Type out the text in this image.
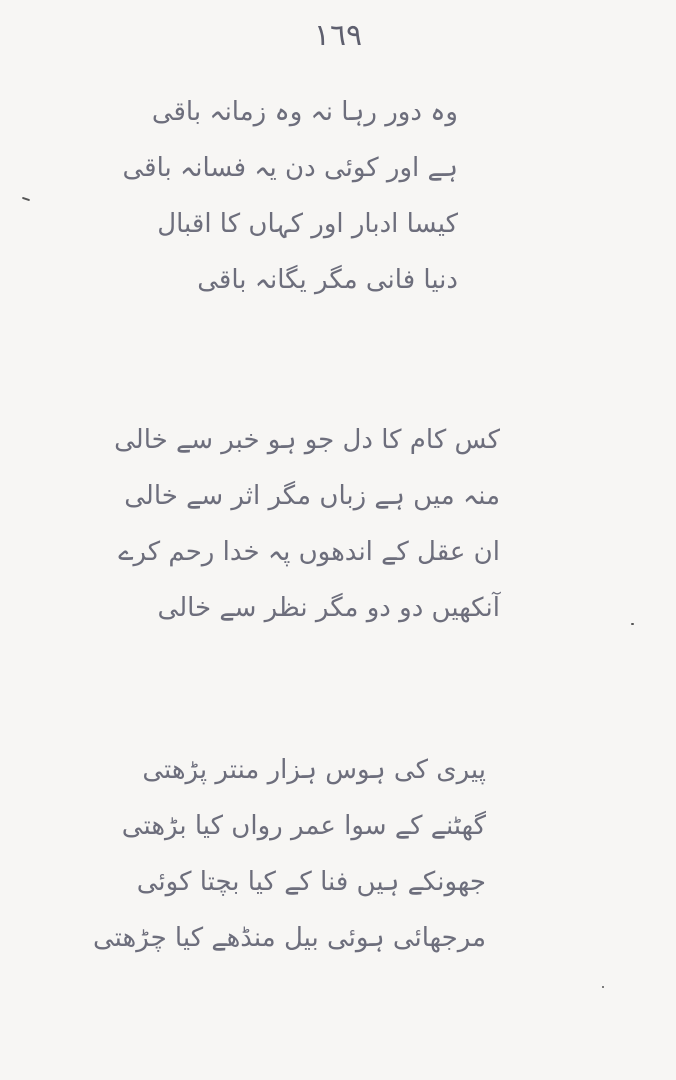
١٦٩
وہ دور رہا نہ وہ زمانہ باقی
ہے اور کوئی دن یہ فسانہ باقی
کیسا ادبار اور کہاں کا اقبال
دنیا فانی مگر یگانہ باقی
کس کام کا دل جو ہو خبر سے خالی
منہ میں ہے زباں مگر اثر سے خالی
ان عقل کے اندھوں پہ خدا رحم کرے
آنکھیں دو دو مگر نظر سے خالی
پیری کی ہوس ہزار منتر پڑھتی
گھٹنے کے سوا عمر رواں کیا بڑھتی
جھونکے ہیں فنا کے کیا بچتا کوئی
مرجھائی ہوئی بیل منڈھے کیا چڑھتی
